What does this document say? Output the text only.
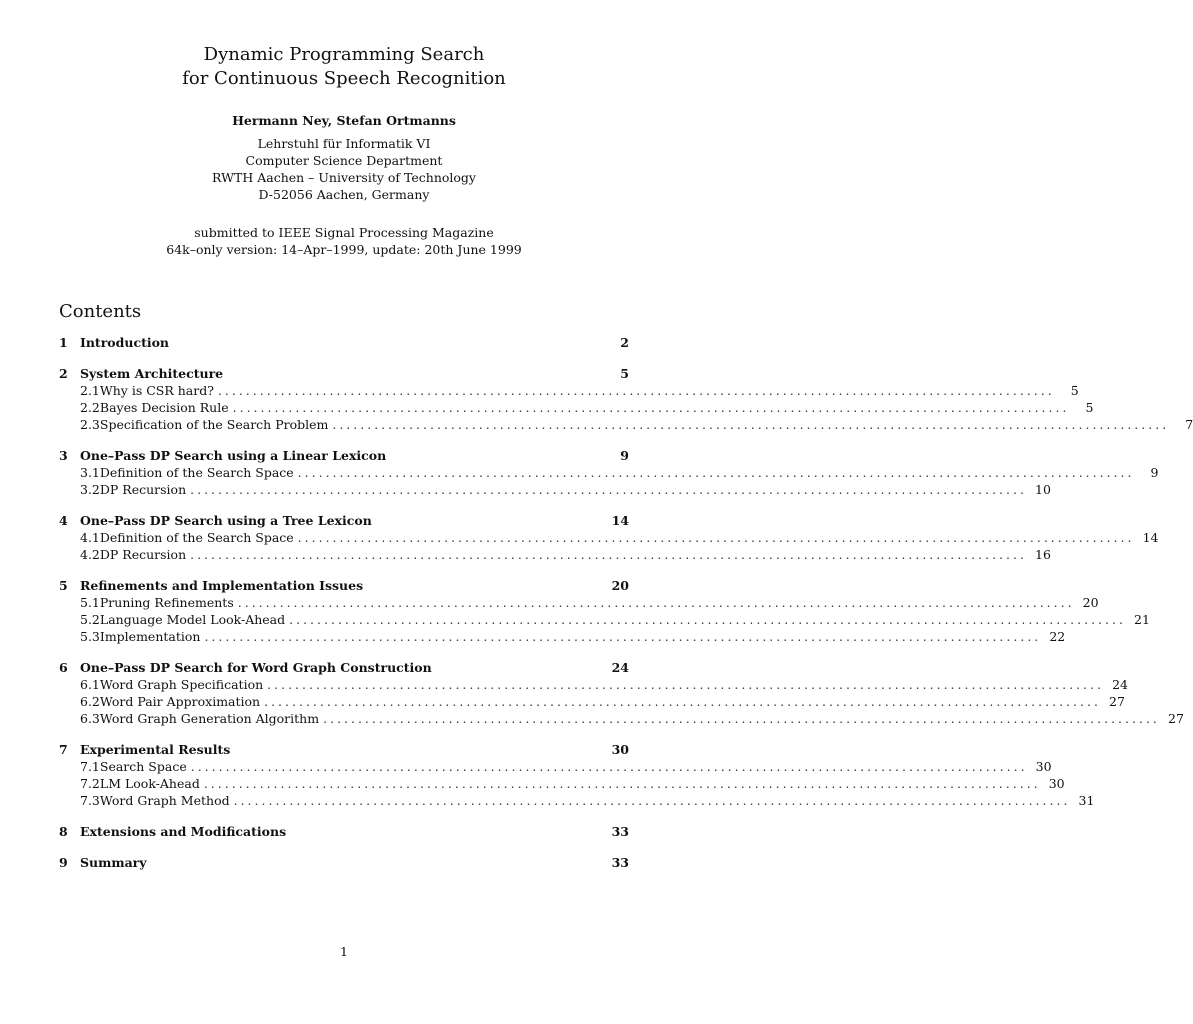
Dynamic Programming Search
for Continuous Speech Recognition
Hermann Ney, Stefan Ortmanns
Lehrstuhl für Informatik VI
Computer Science Department
RWTH Aachen – University of Technology
D-52056 Aachen, Germany
submitted to IEEE Signal Processing Magazine
64k–only version: 14–Apr–1999, update: 20th June 1999
Contents
1 Introduction	2
2 System Architecture	5
2.1 Why is CSR hard? ........................................................................................................................	5
2.2 Bayes Decision Rule ........................................................................................................................	5
2.3 Specification of the Search Problem ........................................................................................................................	7
3 One–Pass DP Search using a Linear Lexicon	9
3.1 Definition of the Search Space ........................................................................................................................	9
3.2 DP Recursion ........................................................................................................................ 10
4 One–Pass DP Search using a Tree Lexicon	14
4.1 Definition of the Search Space ........................................................................................................................ 14
4.2 DP Recursion ........................................................................................................................ 16
5 Refinements and Implementation Issues	20
5.1 Pruning Refinements ........................................................................................................................ 20
5.2 Language Model Look-Ahead ........................................................................................................................ 21
5.3 Implementation ........................................................................................................................ 22
6 One–Pass DP Search for Word Graph Construction	24
6.1 Word Graph Specification ........................................................................................................................ 24
6.2 Word Pair Approximation ........................................................................................................................ 27
6.3 Word Graph Generation Algorithm ........................................................................................................................ 27
7 Experimental Results	30
7.1 Search Space ........................................................................................................................ 30
7.2 LM Look-Ahead ........................................................................................................................ 30
7.3 Word Graph Method ........................................................................................................................ 31
8 Extensions and Modifications	33
9 Summary	33
1
